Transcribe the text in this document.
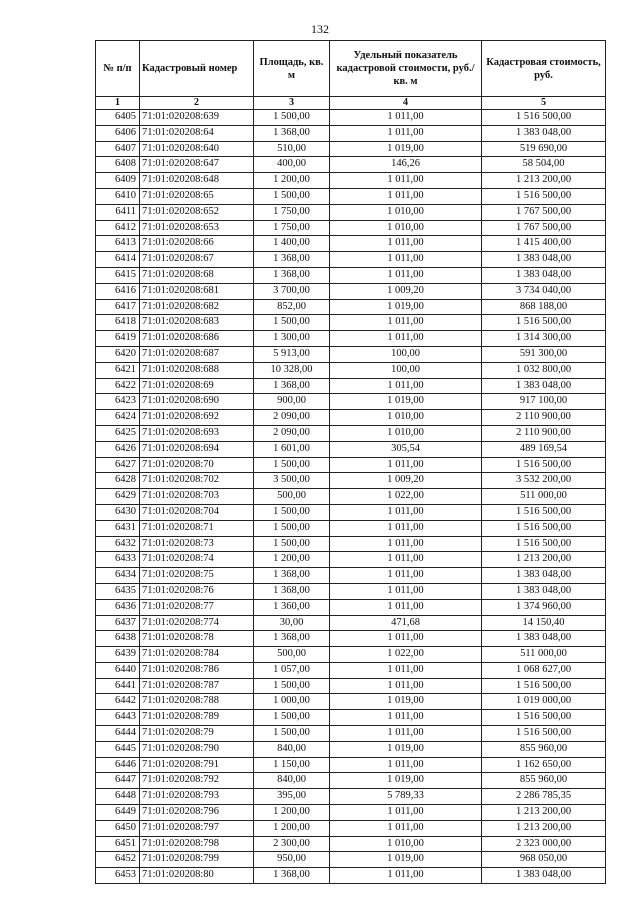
132
№ п/п	Кадастровый номер	Площадь, кв. м	Удельный показатель кадастровой стоимости, руб./кв. м	Кадастровая стоимость, руб.
1	2	3	4	5
6405	71:01:020208:639	1 500,00	1 011,00	1 516 500,00
6406	71:01:020208:64	1 368,00	1 011,00	1 383 048,00
6407	71:01:020208:640	510,00	1 019,00	519 690,00
6408	71:01:020208:647	400,00	146,26	58 504,00
6409	71:01:020208:648	1 200,00	1 011,00	1 213 200,00
6410	71:01:020208:65	1 500,00	1 011,00	1 516 500,00
6411	71:01:020208:652	1 750,00	1 010,00	1 767 500,00
6412	71:01:020208:653	1 750,00	1 010,00	1 767 500,00
6413	71:01:020208:66	1 400,00	1 011,00	1 415 400,00
6414	71:01:020208:67	1 368,00	1 011,00	1 383 048,00
6415	71:01:020208:68	1 368,00	1 011,00	1 383 048,00
6416	71:01:020208:681	3 700,00	1 009,20	3 734 040,00
6417	71:01:020208:682	852,00	1 019,00	868 188,00
6418	71:01:020208:683	1 500,00	1 011,00	1 516 500,00
6419	71:01:020208:686	1 300,00	1 011,00	1 314 300,00
6420	71:01:020208:687	5 913,00	100,00	591 300,00
6421	71:01:020208:688	10 328,00	100,00	1 032 800,00
6422	71:01:020208:69	1 368,00	1 011,00	1 383 048,00
6423	71:01:020208:690	900,00	1 019,00	917 100,00
6424	71:01:020208:692	2 090,00	1 010,00	2 110 900,00
6425	71:01:020208:693	2 090,00	1 010,00	2 110 900,00
6426	71:01:020208:694	1 601,00	305,54	489 169,54
6427	71:01:020208:70	1 500,00	1 011,00	1 516 500,00
6428	71:01:020208:702	3 500,00	1 009,20	3 532 200,00
6429	71:01:020208:703	500,00	1 022,00	511 000,00
6430	71:01:020208:704	1 500,00	1 011,00	1 516 500,00
6431	71:01:020208:71	1 500,00	1 011,00	1 516 500,00
6432	71:01:020208:73	1 500,00	1 011,00	1 516 500,00
6433	71:01:020208:74	1 200,00	1 011,00	1 213 200,00
6434	71:01:020208:75	1 368,00	1 011,00	1 383 048,00
6435	71:01:020208:76	1 368,00	1 011,00	1 383 048,00
6436	71:01:020208:77	1 360,00	1 011,00	1 374 960,00
6437	71:01:020208:774	30,00	471,68	14 150,40
6438	71:01:020208:78	1 368,00	1 011,00	1 383 048,00
6439	71:01:020208:784	500,00	1 022,00	511 000,00
6440	71:01:020208:786	1 057,00	1 011,00	1 068 627,00
6441	71:01:020208:787	1 500,00	1 011,00	1 516 500,00
6442	71:01:020208:788	1 000,00	1 019,00	1 019 000,00
6443	71:01:020208:789	1 500,00	1 011,00	1 516 500,00
6444	71:01:020208:79	1 500,00	1 011,00	1 516 500,00
6445	71:01:020208:790	840,00	1 019,00	855 960,00
6446	71:01:020208:791	1 150,00	1 011,00	1 162 650,00
6447	71:01:020208:792	840,00	1 019,00	855 960,00
6448	71:01:020208:793	395,00	5 789,33	2 286 785,35
6449	71:01:020208:796	1 200,00	1 011,00	1 213 200,00
6450	71:01:020208:797	1 200,00	1 011,00	1 213 200,00
6451	71:01:020208:798	2 300,00	1 010,00	2 323 000,00
6452	71:01:020208:799	950,00	1 019,00	968 050,00
6453	71:01:020208:80	1 368,00	1 011,00	1 383 048,00
